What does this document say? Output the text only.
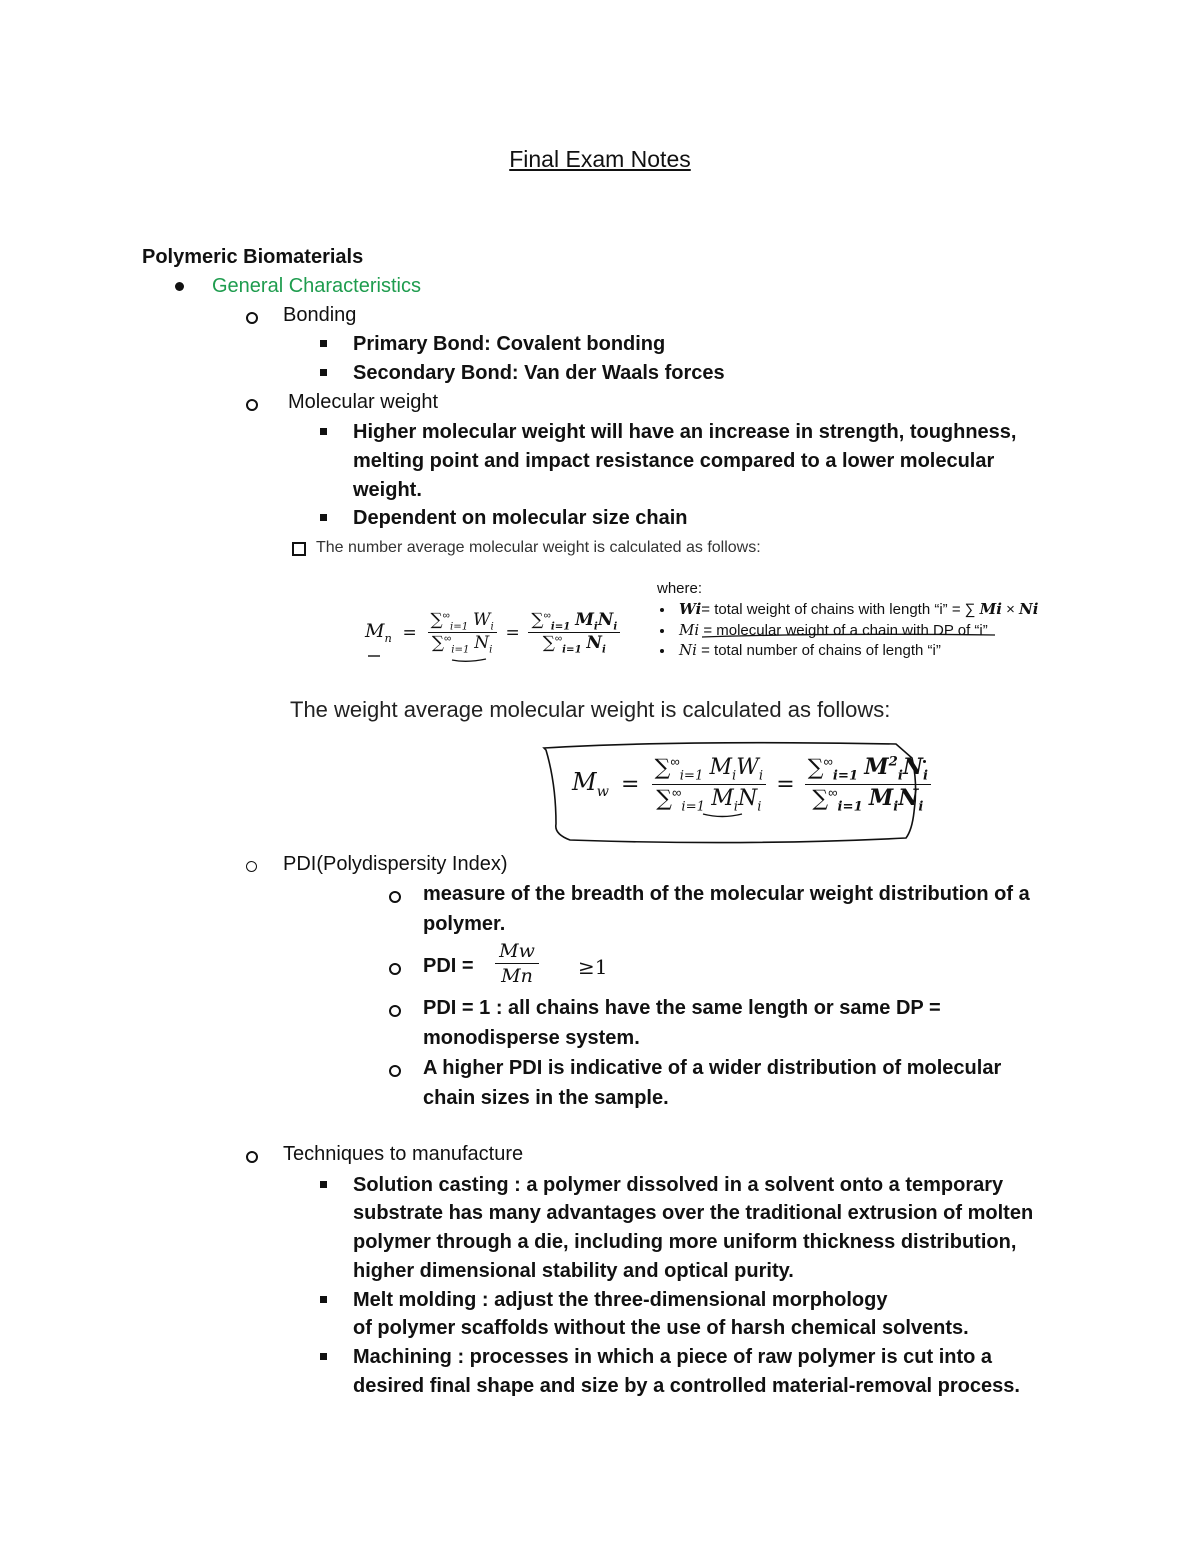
Final Exam Notes
Polymeric Biomaterials
General Characteristics
Bonding
Primary Bond: Covalent bonding
Secondary Bond: Van der Waals forces
Molecular weight
Higher molecular weight will have an increase in strength, toughness,
melting point and impact resistance compared to a lower molecular
weight.
Dependent on molecular size chain
The number average molecular weight is calculated as follows:
$M_n = \frac{\sum^\infty_{i=1} W_i}{\sum^\infty_{i=1} N_i} = \frac{\sum^\infty_{i=1} M_iN_i}{\sum^\infty_{i=1} N_i}$
where:
Wi= total weight of chains with length “i” = ∑ Mi × Ni
Mi = molecular weight of a chain with DP of “i”
Ni = total number of chains of length “i”
The weight average molecular weight is calculated as follows:
$M_w = \frac{\sum^\infty_{i=1} M_iW_i}{\sum^\infty_{i=1} M_iN_i} = \frac{\sum^\infty_{i=1} M^2_iN_i}{\sum^\infty_{i=1} M_iN_i}$
PDI(Polydispersity Index)
measure of the breadth of the molecular weight distribution of a
polymer.
PDI =
Mw
Mn	≥1
PDI = 1 : all chains have the same length or same DP =
monodisperse system.
A higher PDI is indicative of a wider distribution of molecular
chain sizes in the sample.
Techniques to manufacture
Solution casting : a polymer dissolved in a solvent onto a temporary
substrate has many advantages over the traditional extrusion of molten
polymer through a die, including more uniform thickness distribution,
higher dimensional stability and optical purity.
Melt molding : adjust the three-dimensional morphology
of polymer scaffolds without the use of harsh chemical solvents.
Machining : processes in which a piece of raw polymer is cut into a
desired final shape and size by a controlled material-removal process.
